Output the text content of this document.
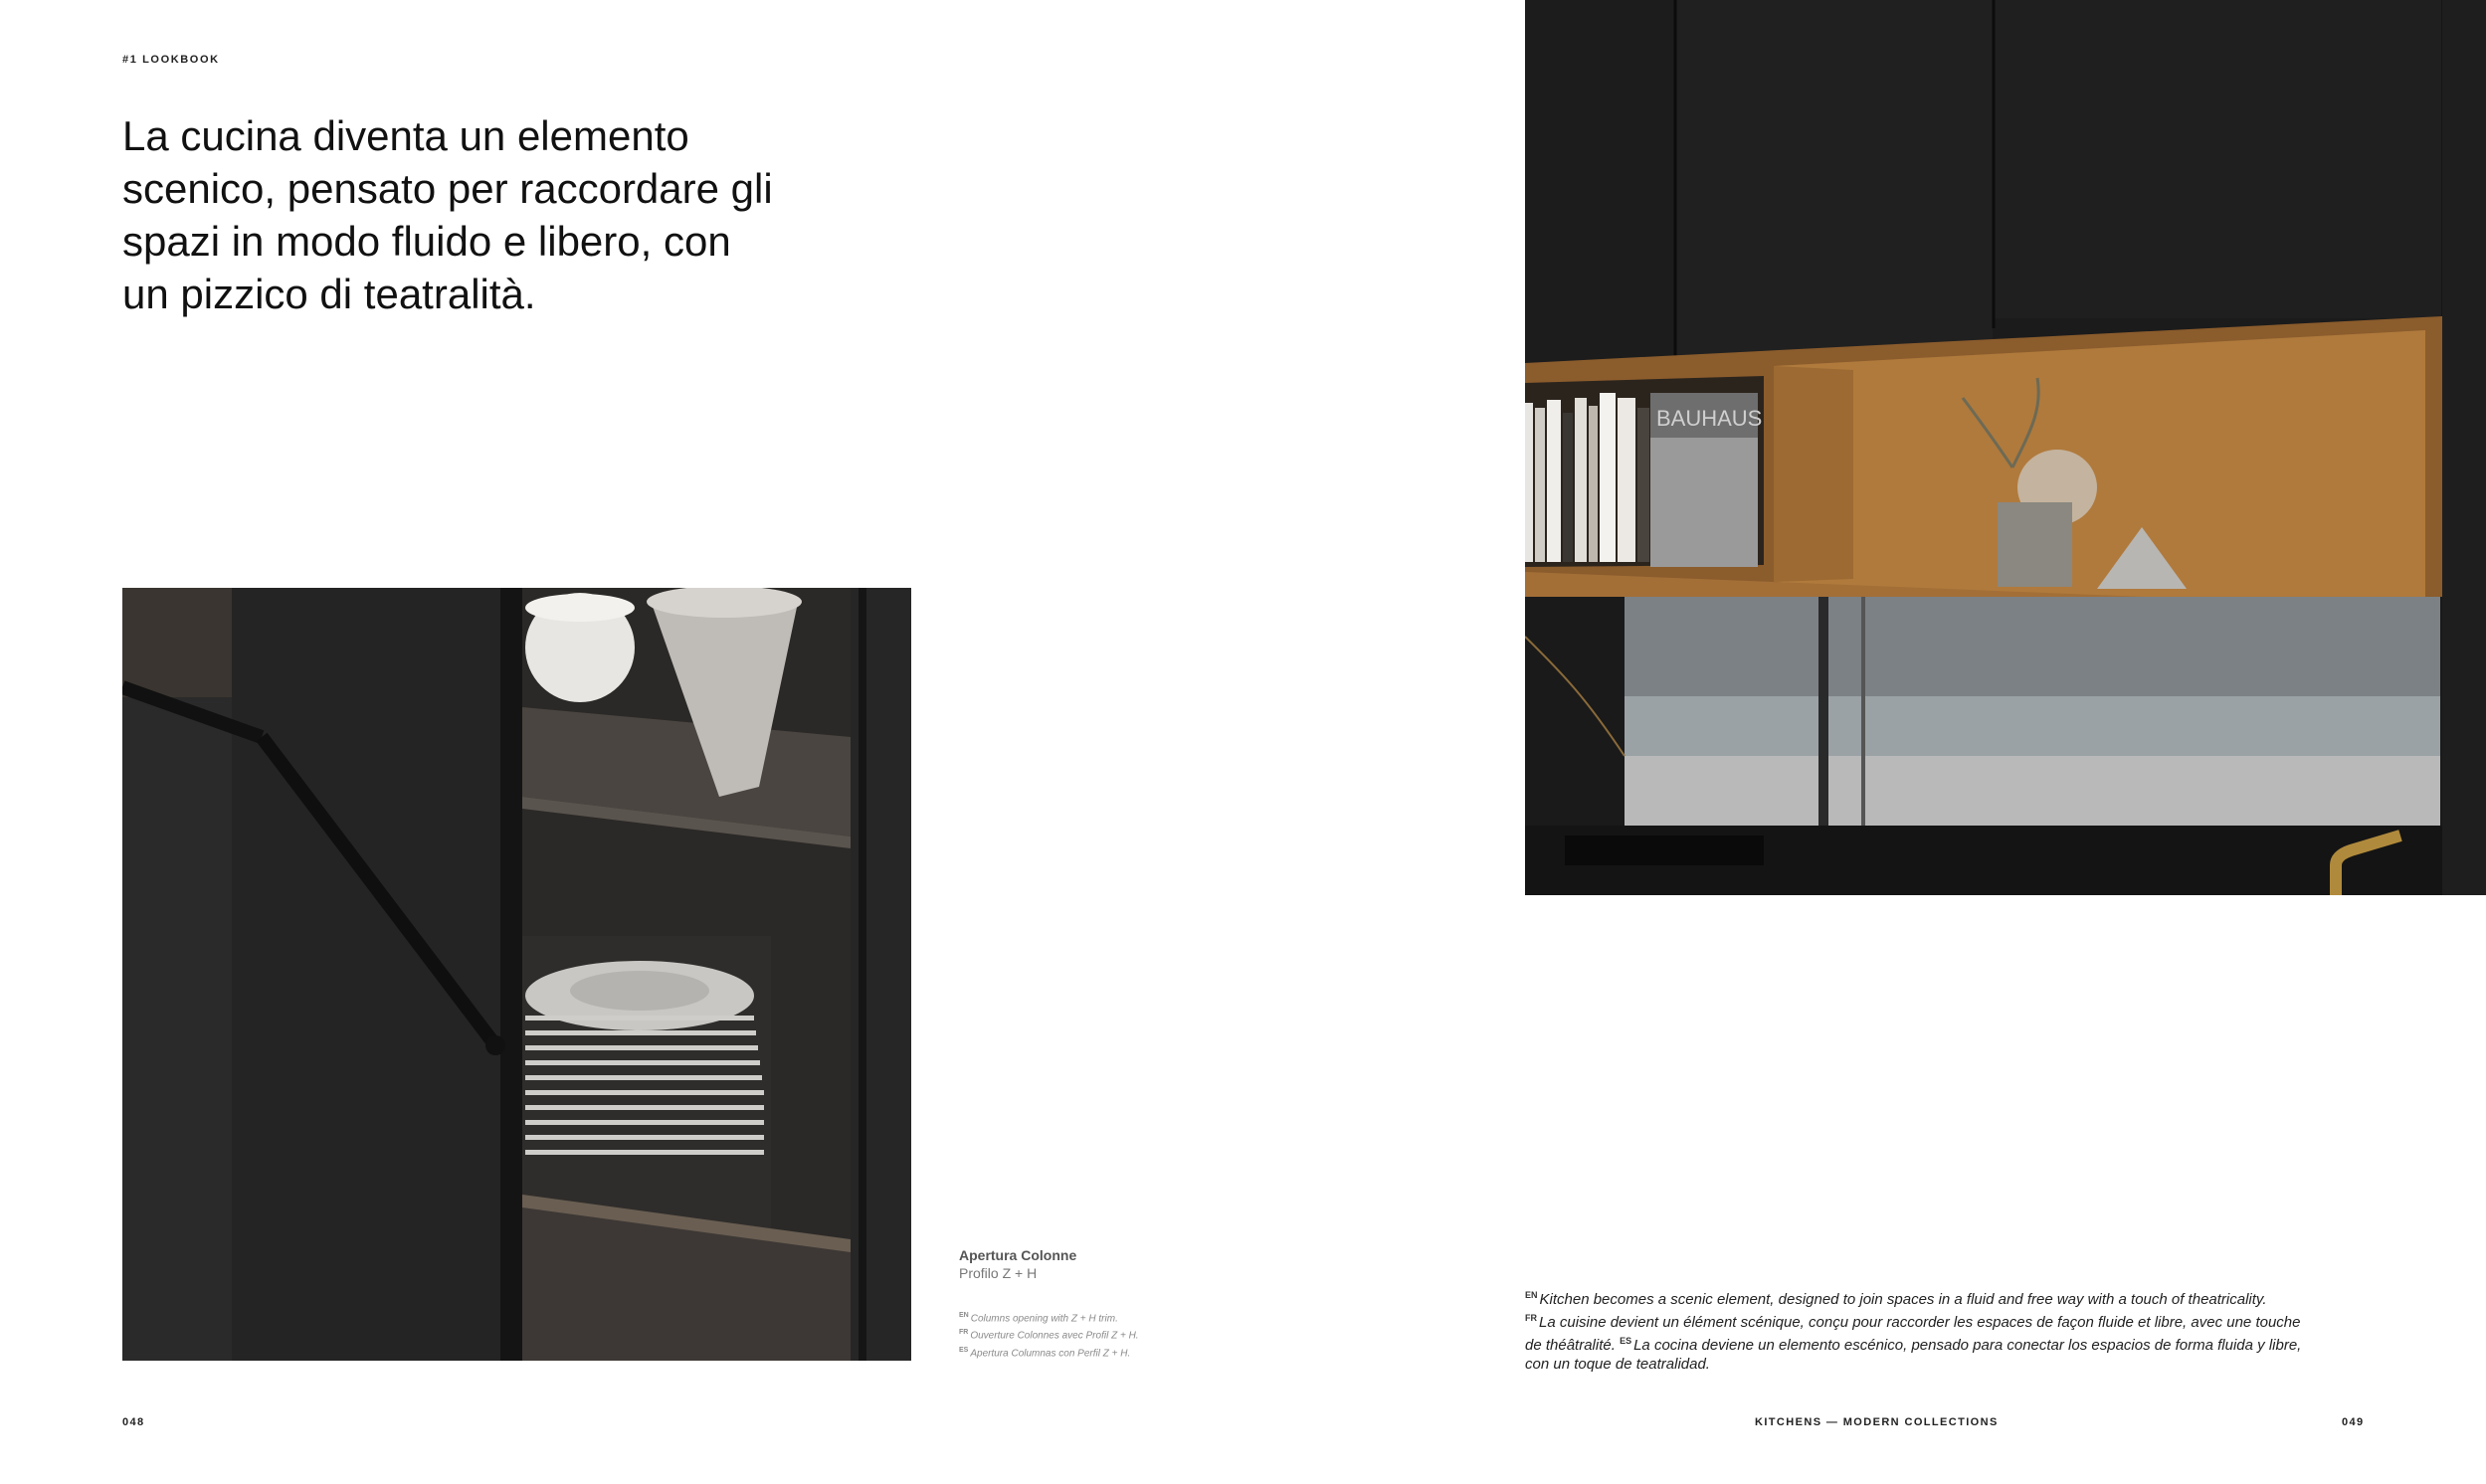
#1 LOOKBOOK
La cucina diventa un elemento
scenico, pensato per raccordare gli
spazi in modo fluido e libero, con
un pizzico di teatralità.
Apertura Colonne
Profilo Z + H
$^{EN}$ Columns opening with Z + H trim. $^{FR}$ Ouverture Colonnes avec Profil Z + H. $^{ES}$ Apertura Columnas con Perfil Z + H.
BAUHAUS
$^{EN}$ Kitchen becomes a scenic element, designed to join spaces in a fluid and free way with a touch of theatricality.
$^{FR}$ La cuisine devient un élément scénique, conçu pour raccorder les espaces de façon fluide et libre, avec une touche de théâtralité. $^{ES}$ La cocina deviene un elemento escénico, pensado para conectar los espacios de forma fluida y libre, con un toque de teatralidad.
048	KITCHENS — MODERN COLLECTIONS	049
